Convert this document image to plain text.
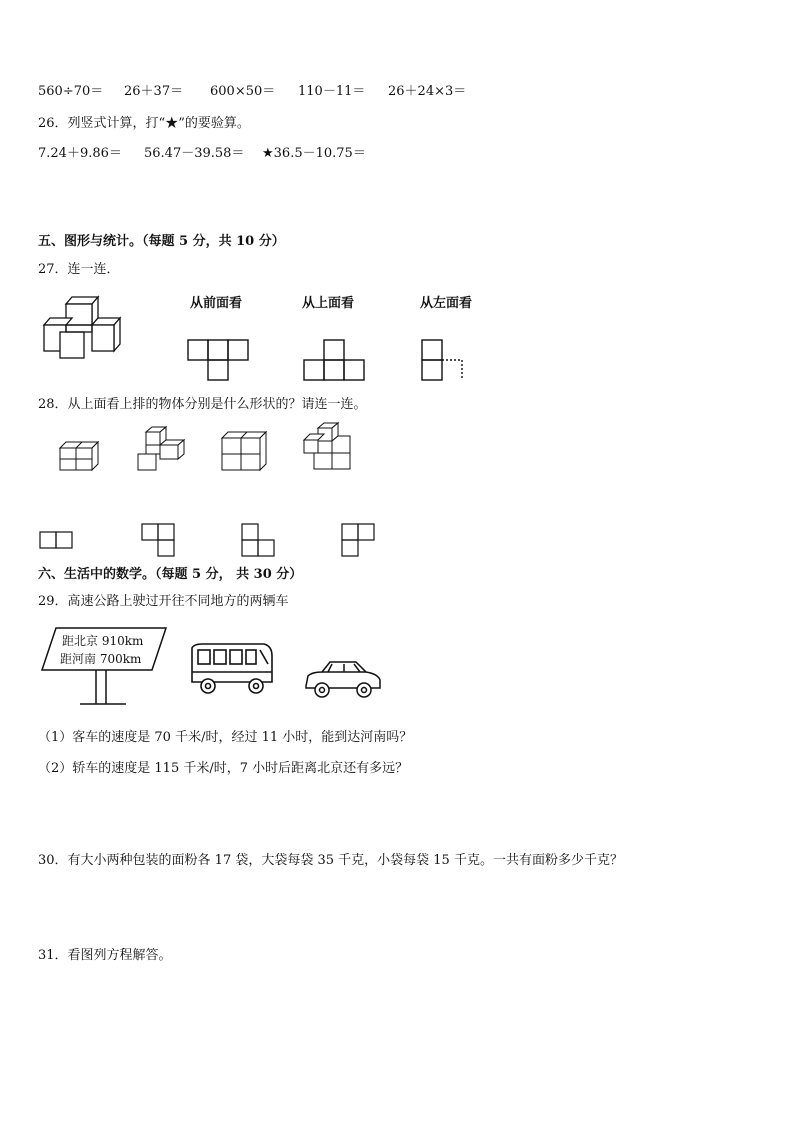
560÷70＝ 26＋37＝ 600×50＝ 110－11＝ 26＋24×3＝
26．列竖式计算，打“★”的要验算。
7.24＋9.86＝ 56.47－39.58＝ ★36.5－10.75＝
五、图形与统计。（每题 5 分，共 10 分）
27．连一连．
从前面看	从上面看	从左面看
28．从上面看上排的物体分别是什么形状的？请连一连。
六、生活中的数学。（每题 5 分， 共 30 分）
29．高速公路上驶过开往不同地方的两辆车
距北京 910km
距河南 700km
（1）客车的速度是 70 千米/时，经过 11 小时，能到达河南吗？
（2）轿车的速度是 115 千米/时，7 小时后距离北京还有多远？
30．有大小两种包装的面粉各 17 袋，大袋每袋 35 千克，小袋每袋 15 千克。一共有面粉多少千克？
31．看图列方程解答。
